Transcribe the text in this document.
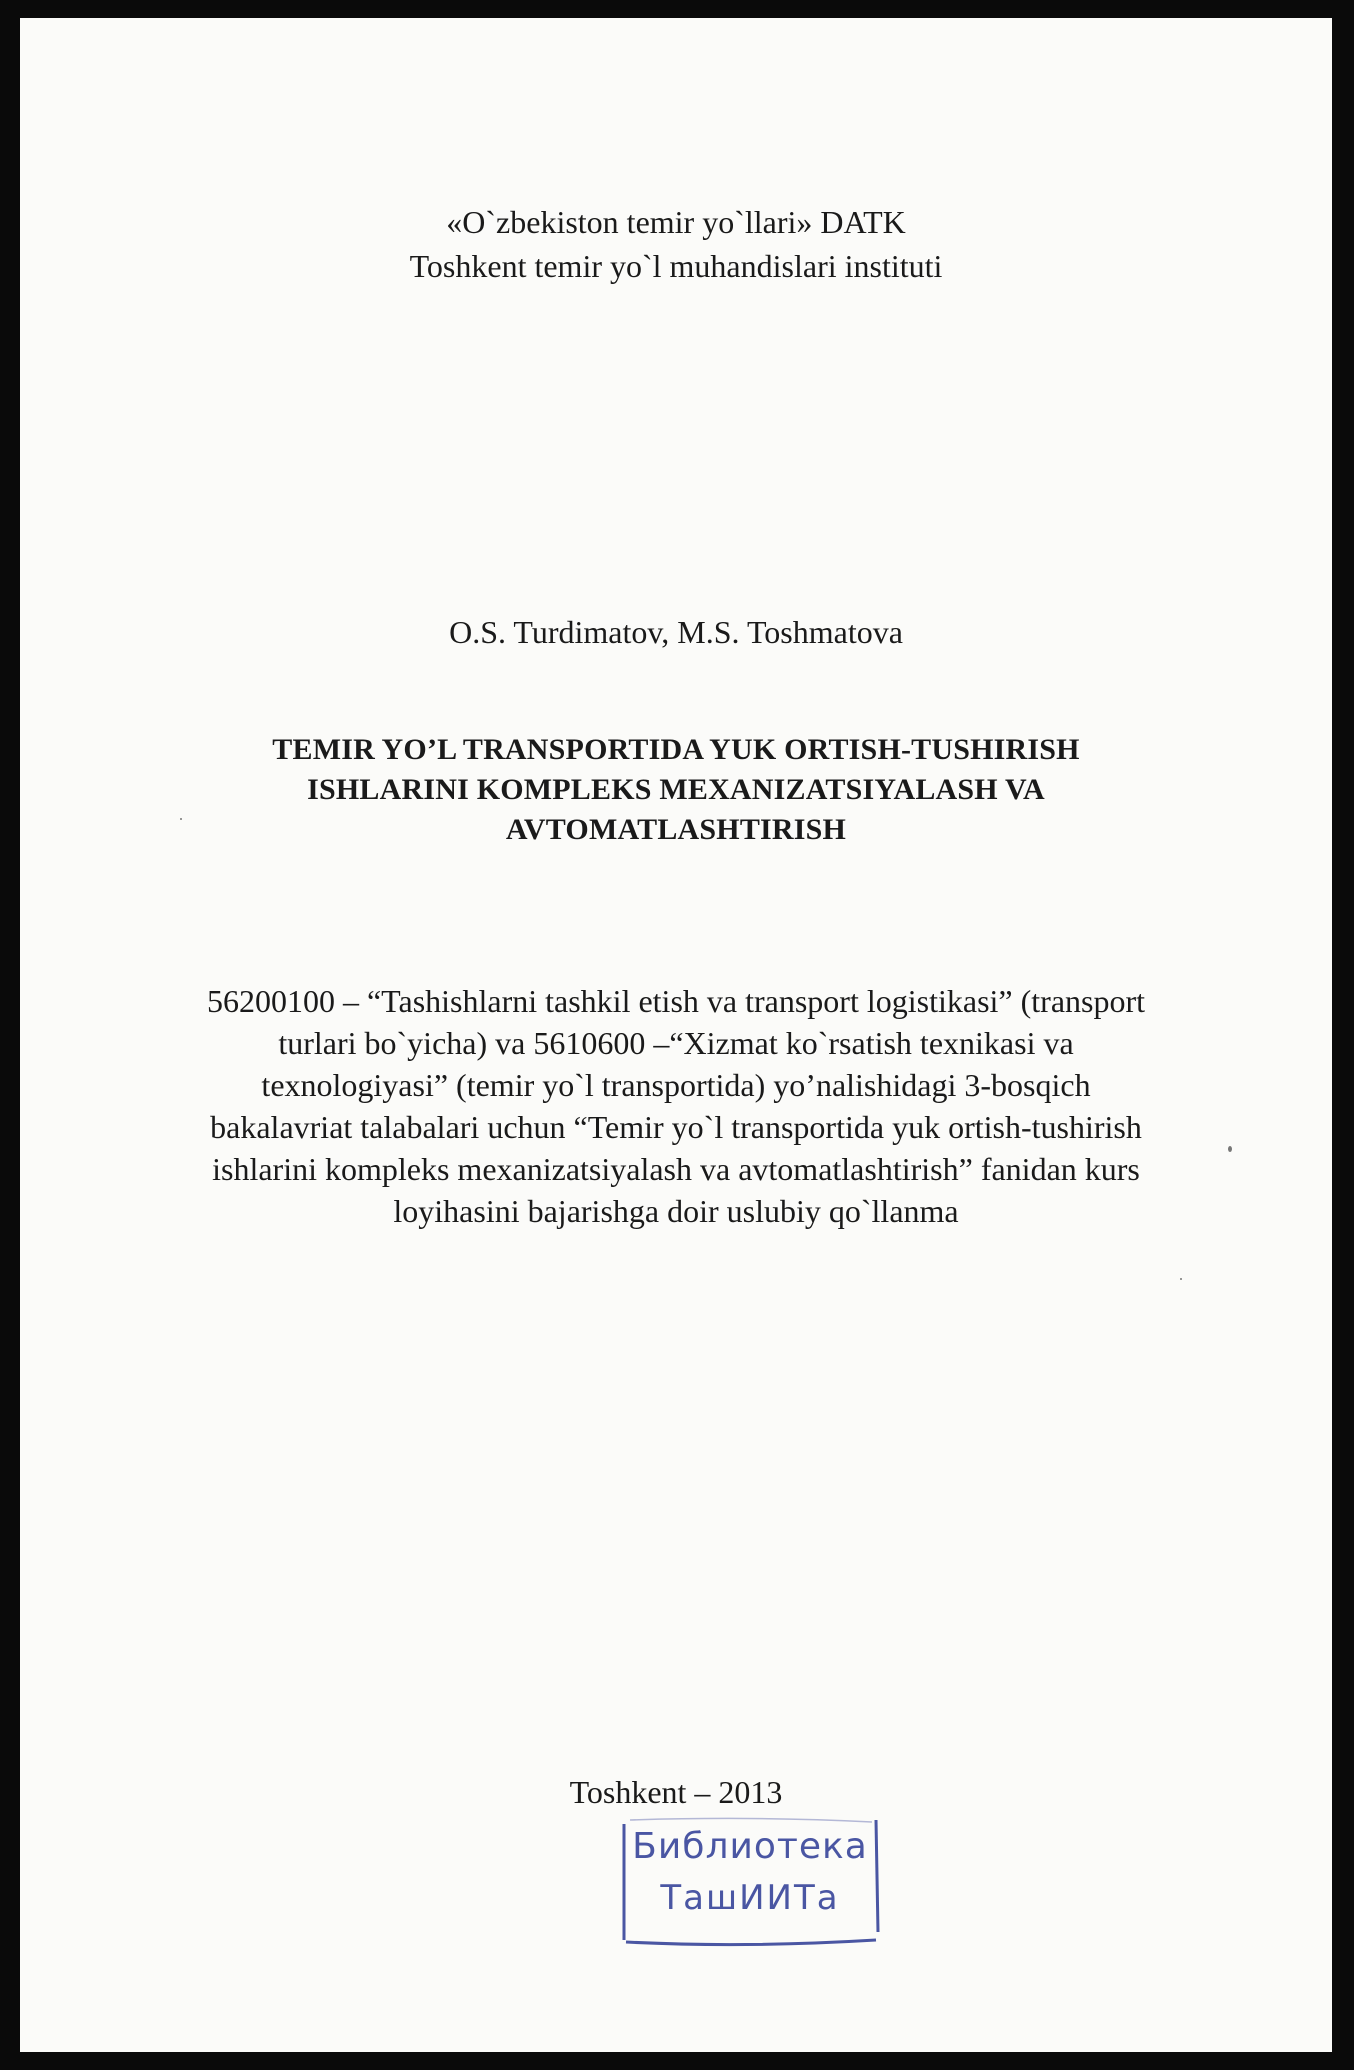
«O`zbekiston temir yo`llari» DATK
Toshkent temir yo`l muhandislari instituti
O.S. Turdimatov, M.S. Toshmatova
TEMIR YO’L TRANSPORTIDA YUK ORTISH-TUSHIRISH
ISHLARINI KOMPLEKS MEXANIZATSIYALASH VA
AVTOMATLASHTIRISH
56200100 – “Tashishlarni tashkil etish va transport logistikasi” (transport
turlari bo`yicha) va 5610600 –“Xizmat ko`rsatish texnikasi va
texnologiyasi” (temir yo`l transportida) yo’nalishidagi 3-bosqich
bakalavriat talabalari uchun “Temir yo`l transportida yuk ortish-tushirish
ishlarini kompleks mexanizatsiyalash va avtomatlashtirish” fanidan kurs
loyihasini bajarishga doir uslubiy qo`llanma
Toshkent – 2013
Библиотека
ТашИИТа
